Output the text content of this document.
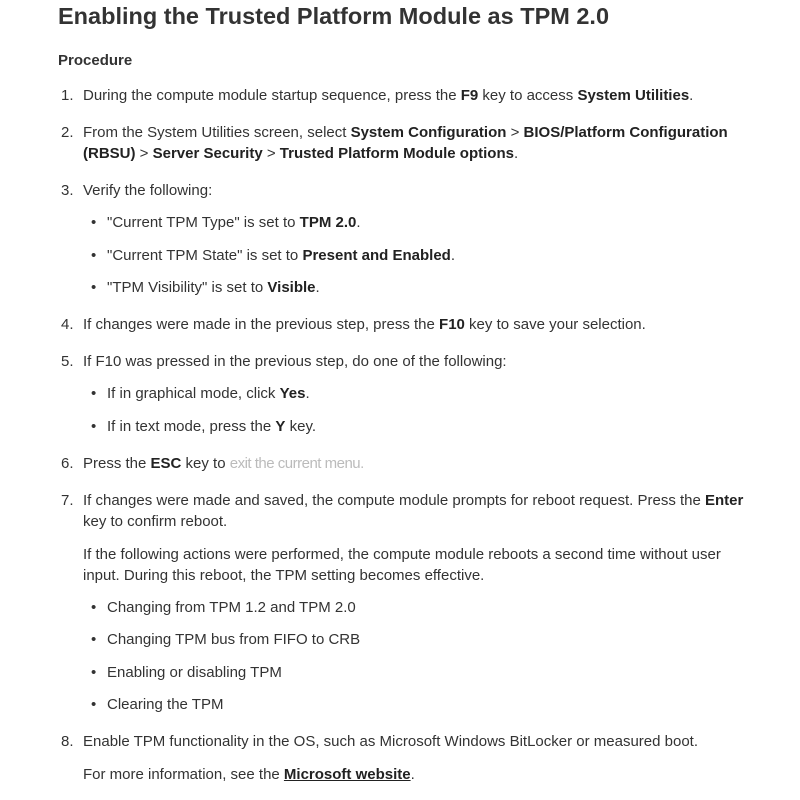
Enabling the Trusted Platform Module as TPM 2.0
Procedure
1. During the compute module startup sequence, press the F9 key to access System Utilities.
2. From the System Utilities screen, select System Configuration > BIOS/Platform Configuration (RBSU) > Server Security > Trusted Platform Module options.
3. Verify the following:
• "Current TPM Type" is set to TPM 2.0.
• "Current TPM State" is set to Present and Enabled.
• "TPM Visibility" is set to Visible.
4. If changes were made in the previous step, press the F10 key to save your selection.
5. If F10 was pressed in the previous step, do one of the following:
• If in graphical mode, click Yes.
• If in text mode, press the Y key.
6. Press the ESC key to exit the current menu.
7. If changes were made and saved, the compute module prompts for reboot request. Press the Enter key to confirm reboot.

If the following actions were performed, the compute module reboots a second time without user input. During this reboot, the TPM setting becomes effective.

• Changing from TPM 1.2 and TPM 2.0
• Changing TPM bus from FIFO to CRB
• Enabling or disabling TPM
• Clearing the TPM
8. Enable TPM functionality in the OS, such as Microsoft Windows BitLocker or measured boot.

For more information, see the Microsoft website.
